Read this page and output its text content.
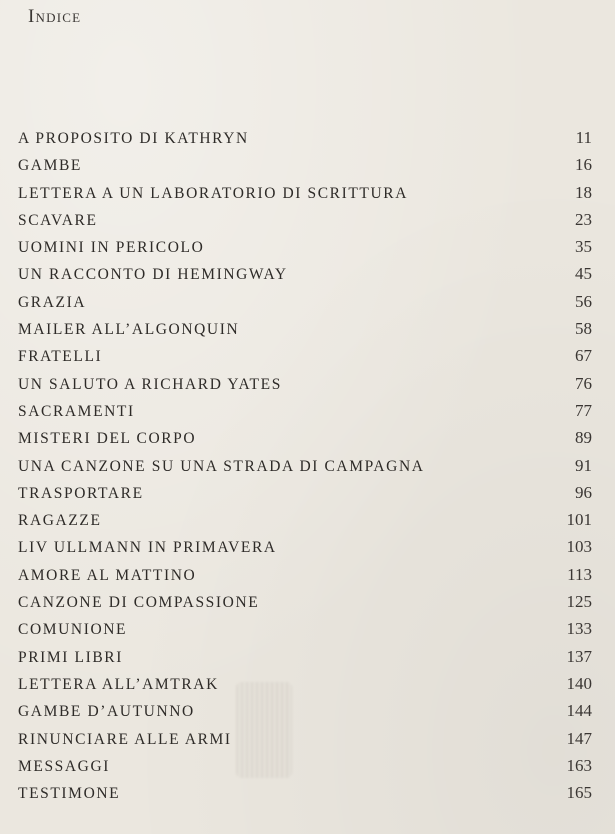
Indice
A PROPOSITO DI KATHRYN	11
GAMBE	16
LETTERA A UN LABORATORIO DI SCRITTURA	18
SCAVARE	23
UOMINI IN PERICOLO	35
UN RACCONTO DI HEMINGWAY	45
GRAZIA	56
MAILER ALL’ALGONQUIN	58
FRATELLI	67
UN SALUTO A RICHARD YATES	76
SACRAMENTI	77
MISTERI DEL CORPO	89
UNA CANZONE SU UNA STRADA DI CAMPAGNA	91
TRASPORTARE	96
RAGAZZE	101
LIV ULLMANN IN PRIMAVERA	103
AMORE AL MATTINO	113
CANZONE DI COMPASSIONE	125
COMUNIONE	133
PRIMI LIBRI	137
LETTERA ALL’AMTRAK	140
GAMBE D’AUTUNNO	144
RINUNCIARE ALLE ARMI	147
MESSAGGI	163
TESTIMONE	165
